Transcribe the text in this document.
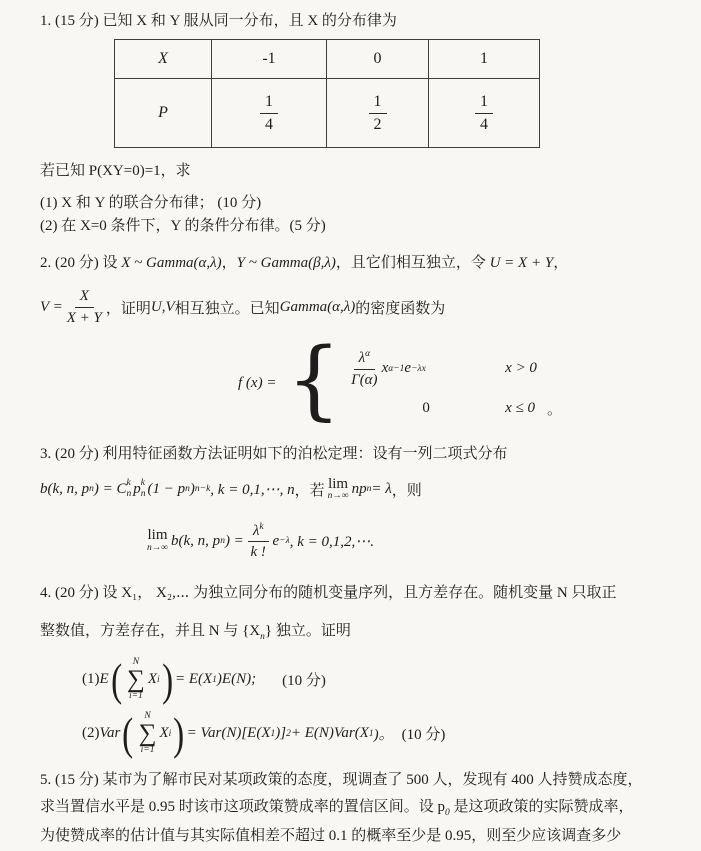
1. (15 分) 已知 X 和 Y 服从同一分布，且 X 的分布律为

X	-1	0	1
P	$\frac{1}{4}$	$\frac{1}{2}$	$\frac{1}{4}$

若已知 P(XY=0)=1，求

(1) X 和 Y 的联合分布律； (10 分)

(2) 在 X=0 条件下，Y 的条件分布律。(5 分)

2. (20 分) 设 X ~ Gamma(α,λ)，Y ~ Gamma(β,λ)，且它们相互独立，令 U = X + Y，

$V = \frac{X}{X + Y}$ ，证明 U,V 相互独立。已知 Gamma(α,λ) 的密度函数为
f (x) = { $\frac{\lambda^\alpha}{\Gamma(\alpha)}$ x α−1 e −λx	x > 0
0	x ≤ 0 。

3. (20 分) 利用特征函数方法证明如下的泊松定理：设有一列二项式分布

b(k, n, p n ) = C k
n p k
n (1 − p n ) n−k , k = 0,1,⋯, n ，若 lim
n→∞ np n = λ ，则
lim
n→∞ b(k, n, p n ) = $\frac{\lambda^k}{k !}$ e −λ , k = 0,1,2,⋯.

4. (20 分) 设 X₁， X₂,⋯ 为独立同分布的随机变量序列，且方差存在。随机变量 N 只取正

整数值，方差存在，并且 N 与 $\{X_n\}$ 独立。证明

(1) E ( N
∑
i=1
X i ) = E(X 1 )E(N); (10 分)
(2) Var ( N
∑
i=1
X i ) = Var(N)[E(X 1 )] 2 + E(N)Var(X 1 )。 (10 分)

5. (15 分) 某市为了解市民对某项政策的态度，现调查了 500 人，发现有 400 人持赞成态度，

求当置信水平是 0.95 时该市这项政策赞成率的置信区间。设 $p_0$ 是这项政策的实际赞成率，

为使赞成率的估计值与其实际值相差不超过 0.1 的概率至少是 0.95，则至少应该调查多少
